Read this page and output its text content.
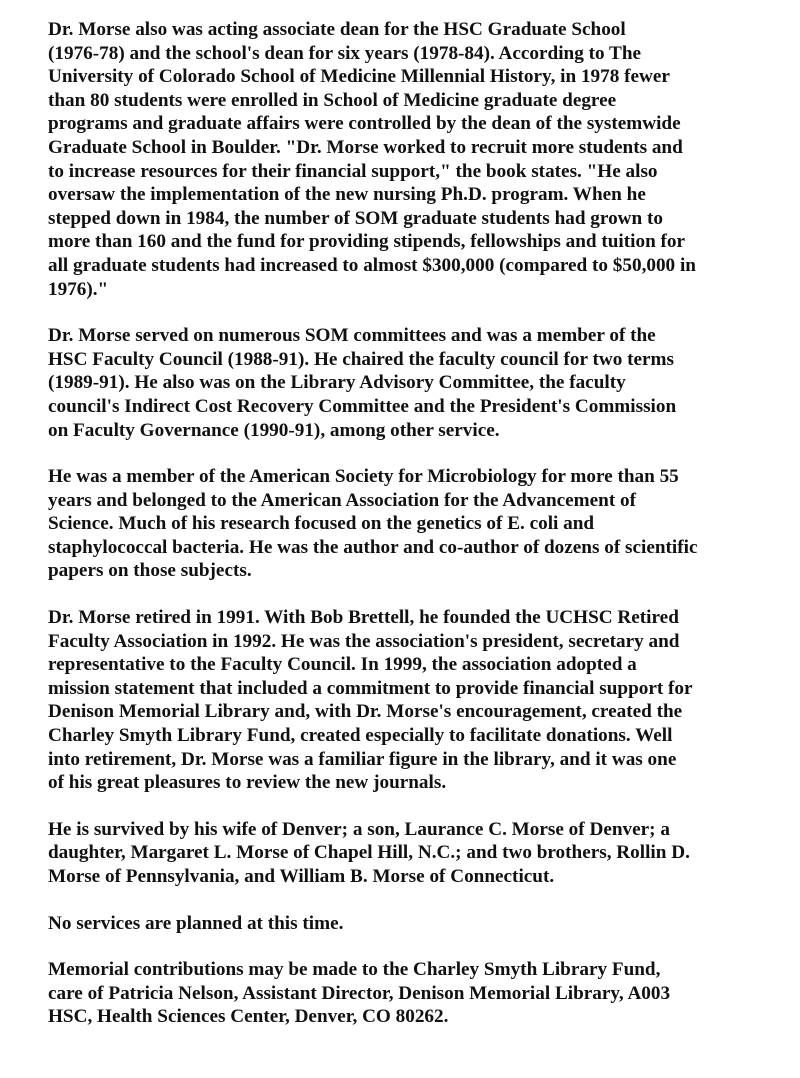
Dr. Morse also was acting associate dean for the HSC Graduate School
(1976-78) and the school's dean for six years (1978-84). According to The
University of Colorado School of Medicine Millennial History, in 1978 fewer
than 80 students were enrolled in School of Medicine graduate degree
programs and graduate affairs were controlled by the dean of the systemwide
Graduate School in Boulder. "Dr. Morse worked to recruit more students and
to increase resources for their financial support," the book states. "He also
oversaw the implementation of the new nursing Ph.D. program. When he
stepped down in 1984, the number of SOM graduate students had grown to
more than 160 and the fund for providing stipends, fellowships and tuition for
all graduate students had increased to almost $300,000 (compared to $50,000 in
1976)."
Dr. Morse served on numerous SOM committees and was a member of the
HSC Faculty Council (1988-91). He chaired the faculty council for two terms
(1989-91). He also was on the Library Advisory Committee, the faculty
council's Indirect Cost Recovery Committee and the President's Commission
on Faculty Governance (1990-91), among other service.
He was a member of the American Society for Microbiology for more than 55
years and belonged to the American Association for the Advancement of
Science. Much of his research focused on the genetics of E. coli and
staphylococcal bacteria. He was the author and co-author of dozens of scientific
papers on those subjects.
Dr. Morse retired in 1991. With Bob Brettell, he founded the UCHSC Retired
Faculty Association in 1992. He was the association's president, secretary and
representative to the Faculty Council. In 1999, the association adopted a
mission statement that included a commitment to provide financial support for
Denison Memorial Library and, with Dr. Morse's encouragement, created the
Charley Smyth Library Fund, created especially to facilitate donations. Well
into retirement, Dr. Morse was a familiar figure in the library, and it was one
of his great pleasures to review the new journals.
He is survived by his wife of Denver; a son, Laurance C. Morse of Denver; a
daughter, Margaret L. Morse of Chapel Hill, N.C.; and two brothers, Rollin D.
Morse of Pennsylvania, and William B. Morse of Connecticut.
No services are planned at this time.
Memorial contributions may be made to the Charley Smyth Library Fund,
care of Patricia Nelson, Assistant Director, Denison Memorial Library, A003
HSC, Health Sciences Center, Denver, CO 80262.
